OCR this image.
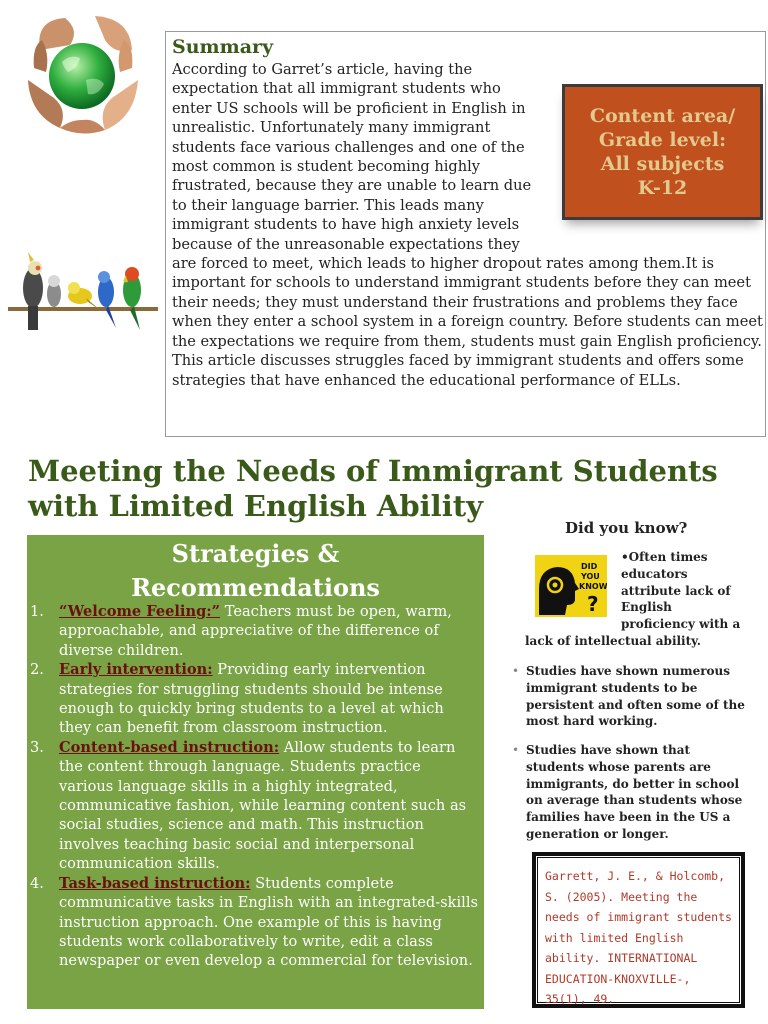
Summary
According to Garret’s article, having the expectation that all immigrant students who enter US schools will be proficient in English in unrealistic. Unfortunately many immigrant students face various challenges and one of the most common is student becoming highly frustrated, because they are unable to learn due to their language barrier. This leads many immigrant students to have high anxiety levels because of the unreasonable expectations they are forced to meet, which leads to higher dropout rates among them.It is important for schools to understand immigrant students before they can meet their needs; they must understand their frustrations and problems they face when they enter a school system in a foreign country. Before students can meet the expectations we require from them, students must gain English proficiency. This article discusses struggles faced by immigrant students and offers some strategies that have enhanced the educational performance of ELLs.
Content area/
Grade level:
All subjects
K-12
Meeting the Needs of Immigrant Students with Limited English Ability
Strategies &
Recommendations
1. “Welcome Feeling:” Teachers must be open, warm, approachable, and appreciative of the difference of diverse children.
2. Early intervention: Providing early intervention strategies for struggling students should be intense enough to quickly bring students to a level at which they can benefit from classroom instruction.
3. Content-based instruction: Allow students to learn the content through language. Students practice various language skills in a highly integrated, communicative fashion, while learning content such as social studies, science and math. This instruction involves teaching basic social and interpersonal communication skills.
4. Task-based instruction: Students complete communicative tasks in English with an integrated-skills instruction approach. One example of this is having students work collaboratively to write, edit a class newspaper or even develop a commercial for television.
Did you know?
DID
YOU
KNOW
?
•Often times educators attribute lack of English proficiency with a lack of intellectual ability.
• Studies have shown numerous immigrant students to be persistent and often some of the most hard working.
• Studies have shown that students whose parents are immigrants, do better in school on average than students whose families have been in the US a generation or longer.
Garrett, J. E., & Holcomb, S. (2005). Meeting the needs of immigrant students with limited English ability. INTERNATIONAL EDUCATION-KNOXVILLE-, 35(1), 49.
